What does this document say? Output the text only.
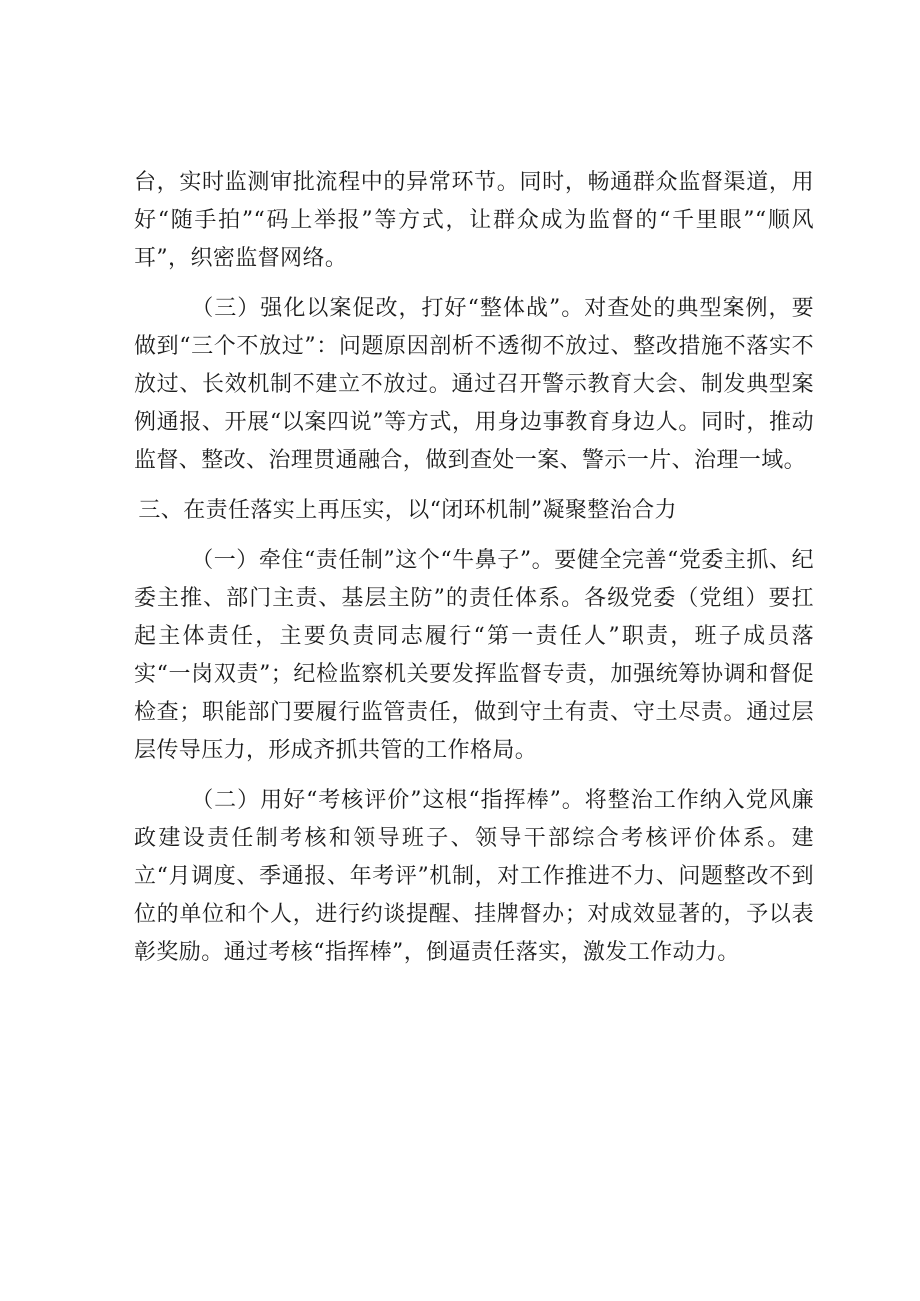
台，实时监测审批流程中的异常环节。同时，畅通群众监督渠道，用好“随手拍”“码上举报”等方式，让群众成为监督的“千里眼”“顺风耳”，织密监督网络。

（三）强化以案促改，打好“整体战”。对查处的典型案例，要做到“三个不放过”：问题原因剖析不透彻不放过、整改措施不落实不放过、长效机制不建立不放过。通过召开警示教育大会、制发典型案例通报、开展“以案四说”等方式，用身边事教育身边人。同时，推动监督、整改、治理贯通融合，做到查处一案、警示一片、治理一域。

三、在责任落实上再压实，以“闭环机制”凝聚整治合力

（一）牵住“责任制”这个“牛鼻子”。要健全完善“党委主抓、纪委主推、部门主责、基层主防”的责任体系。各级党委（党组）要扛起主体责任，主要负责同志履行“第一责任人”职责，班子成员落实“一岗双责”；纪检监察机关要发挥监督专责，加强统筹协调和督促检查；职能部门要履行监管责任，做到守土有责、守土尽责。通过层层传导压力，形成齐抓共管的工作格局。

（二）用好“考核评价”这根“指挥棒”。将整治工作纳入党风廉政建设责任制考核和领导班子、领导干部综合考核评价体系。建立“月调度、季通报、年考评”机制，对工作推进不力、问题整改不到位的单位和个人，进行约谈提醒、挂牌督办；对成效显著的，予以表彰奖励。通过考核“指挥棒”，倒逼责任落实，激发工作动力。
